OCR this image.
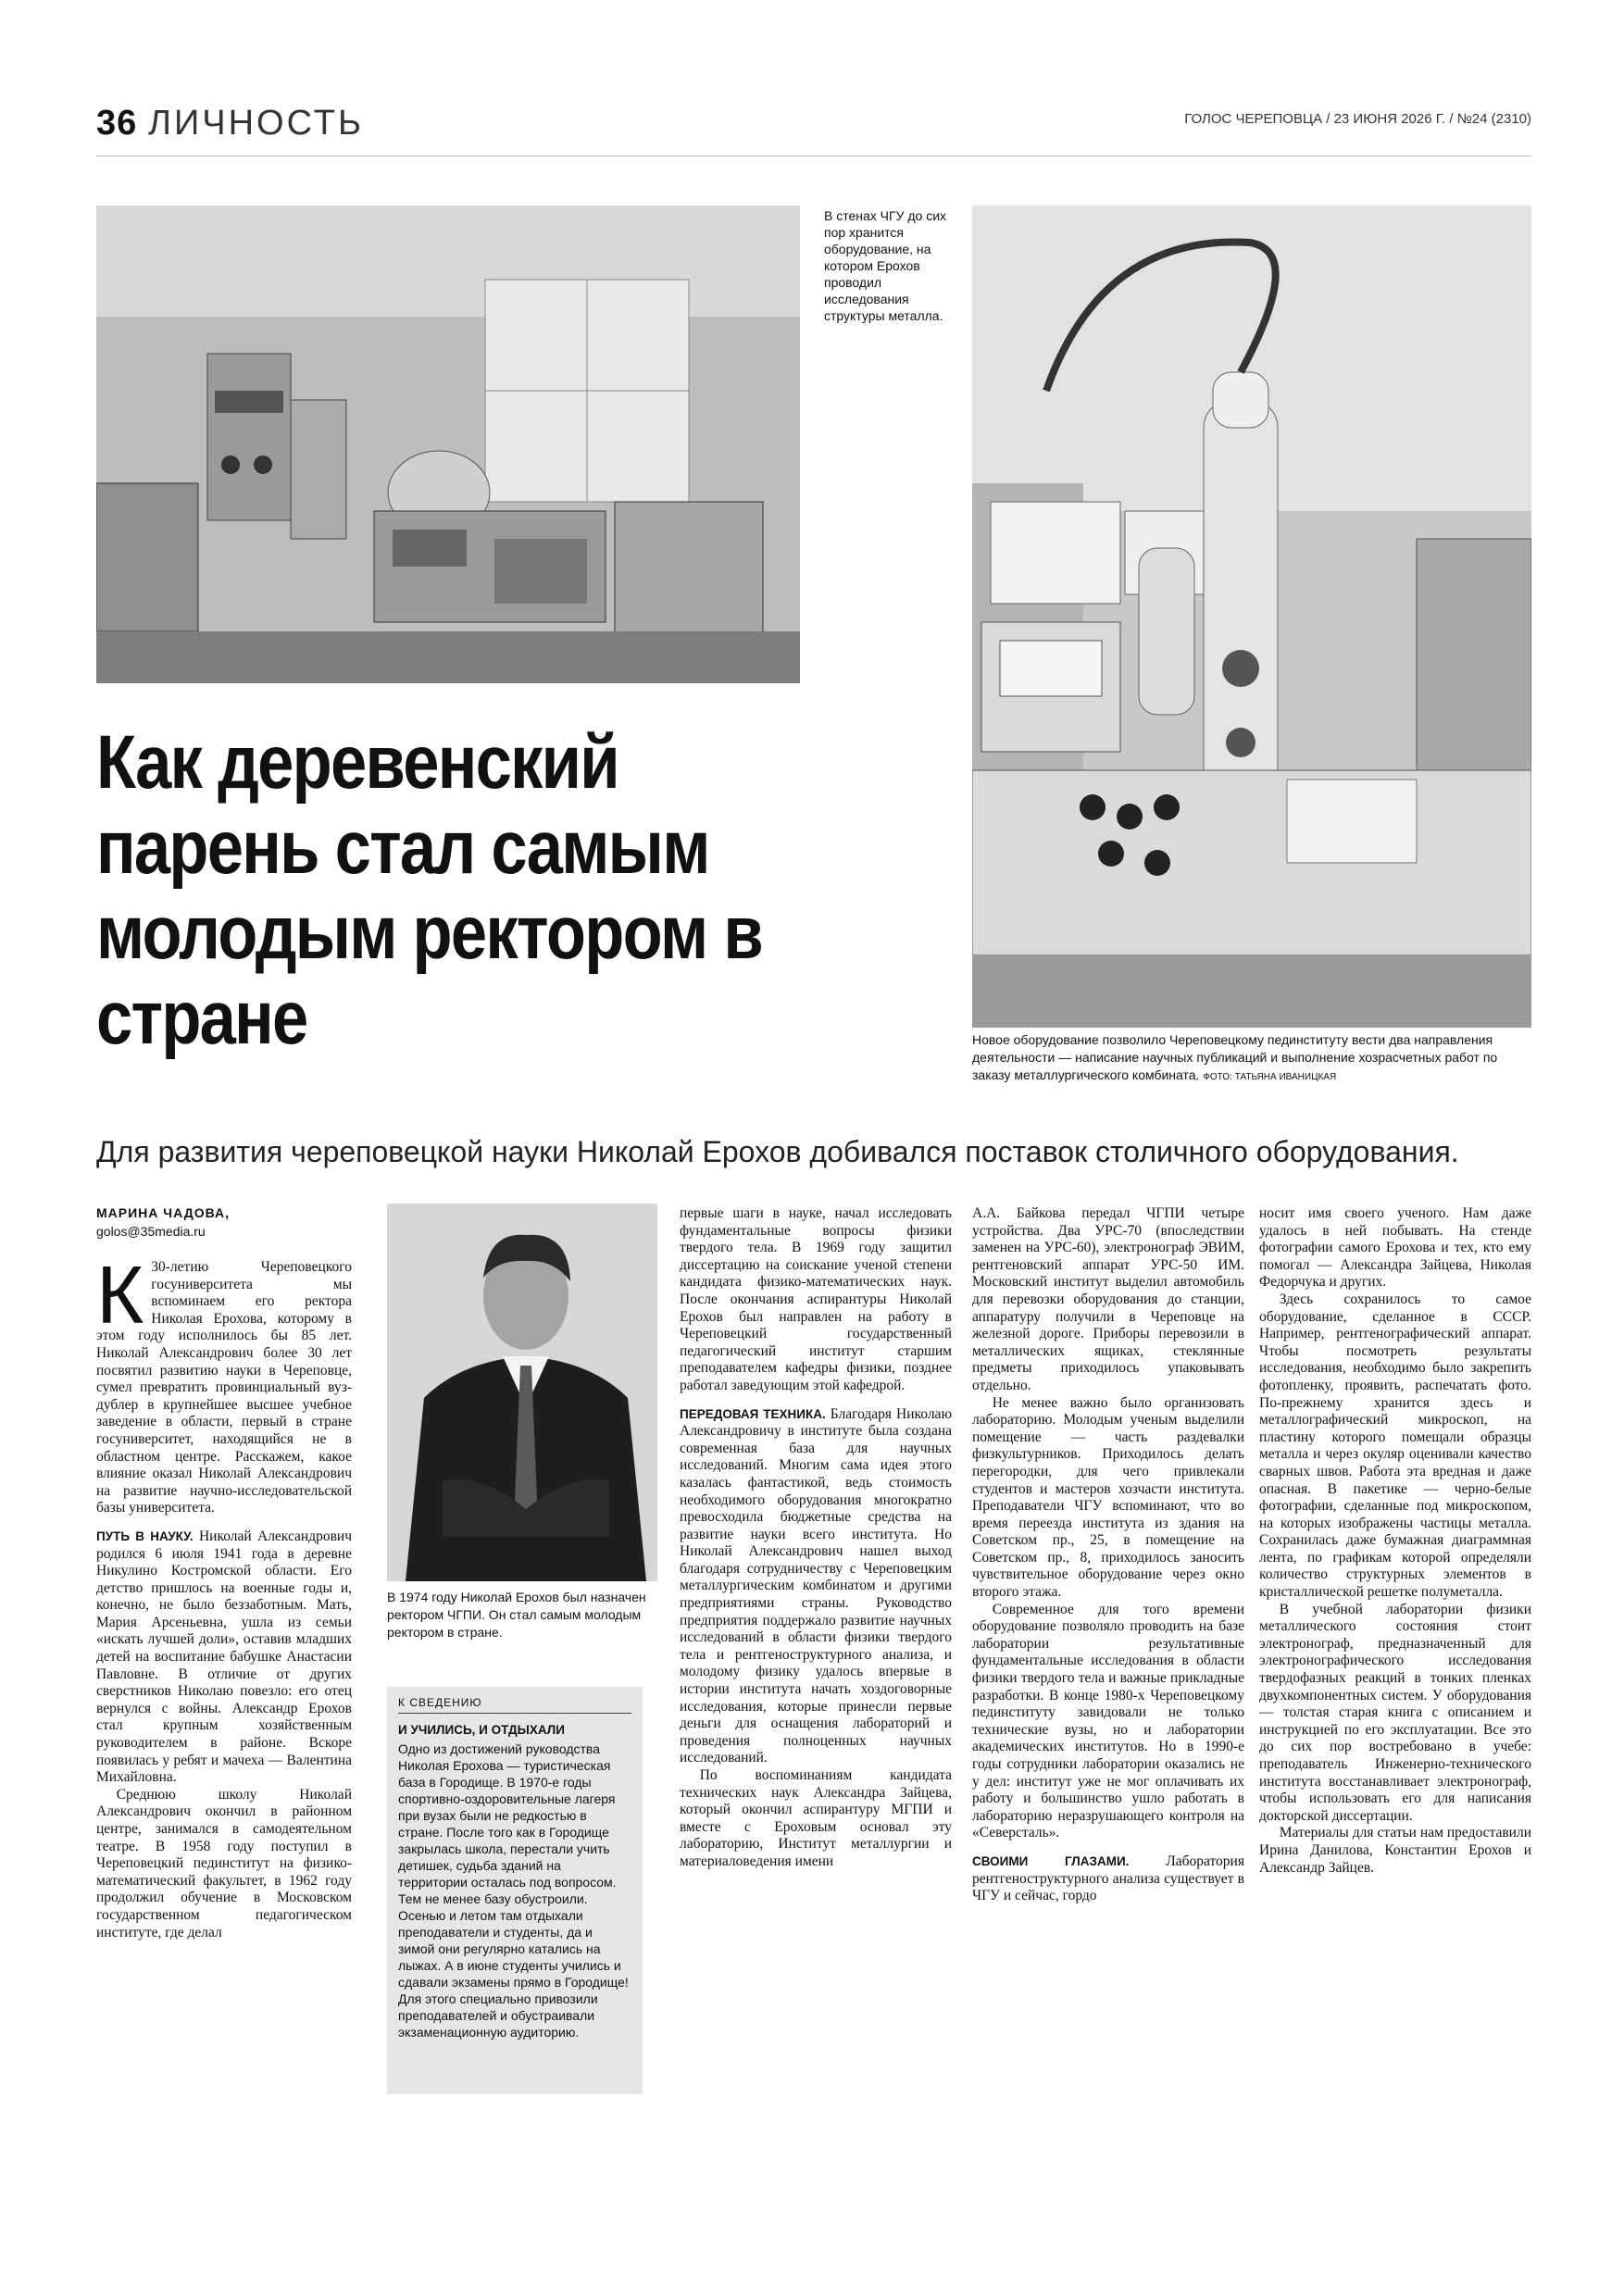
36 ЛИЧНОСТЬ	ГОЛОС ЧЕРЕПОВЦА / 23 ИЮНЯ 2026 Г. / №24 (2310)
В стенах ЧГУ до сих пор хранится оборудование, на котором Ерохов проводил исследования структуры металла.
Новое оборудование позволило Череповецкому пединституту вести два направления деятельности — написание научных публикаций и выполнение хозрасчетных работ по заказу металлургического комбината. ФОТО: ТАТЬЯНА ИВАНИЦКАЯ
Как деревенский парень стал самым молодым ректором в стране
Для развития череповецкой науки Николай Ерохов добивался поставок столичного оборудования.
МАРИНА ЧАДОВА,
golos@35media.ru

К 30-летию Череповецкого госуниверситета мы вспоминаем его ректора Николая Ерохова, которому в этом году исполнилось бы 85 лет. Николай Александрович более 30 лет посвятил развитию науки в Череповце, сумел превратить провинциальный вуз-дублер в крупнейшее высшее учебное заведение в области, первый в стране госуниверситет, находящийся не в областном центре. Расскажем, какое влияние оказал Николай Александрович на развитие научно-исследовательской базы университета.

ПУТЬ В НАУКУ. Николай Александрович родился 6 июля 1941 года в деревне Никулино Костромской области. Его детство пришлось на военные годы и, конечно, не было беззаботным. Мать, Мария Арсеньевна, ушла из семьи «искать лучшей доли», оставив младших детей на воспитание бабушке Анастасии Павловне. В отличие от других сверстников Николаю повезло: его отец вернулся с войны. Александр Ерохов стал крупным хозяйственным руководителем в районе. Вскоре появилась у ребят и мачеха — Валентина Михайловна.

Среднюю школу Николай Александрович окончил в районном центре, занимался в самодеятельном театре. В 1958 году поступил в Череповецкий пединститут на физико-математический факультет, в 1962 году продолжил обучение в Московском государственном педагогическом институте, где делал

В 1974 году Николай Ерохов был назначен ректором ЧГПИ. Он стал самым молодым ректором в стране.
К СВЕДЕНИЮ
И УЧИЛИСЬ, И ОТДЫХАЛИ
Одно из достижений руководства Николая Ерохова — туристическая база в Городище. В 1970-е годы спортивно-оздоровительные лагеря при вузах были не редкостью в стране. После того как в Городище закрылась школа, перестали учить детишек, судьба зданий на территории осталась под вопросом. Тем не менее базу обустроили. Осенью и летом там отдыхали преподаватели и студенты, да и зимой они регулярно катались на лыжах. А в июне студенты учились и сдавали экзамены прямо в Городище! Для этого специально привозили преподавателей и обустраивали экзаменационную аудиторию.

первые шаги в науке, начал исследовать фундаментальные вопросы физики твердого тела. В 1969 году защитил диссертацию на соискание ученой степени кандидата физико-математических наук. После окончания аспирантуры Николай Ерохов был направлен на работу в Череповецкий государственный педагогический институт старшим преподавателем кафедры физики, позднее работал заведующим этой кафедрой.

ПЕРЕДОВАЯ ТЕХНИКА. Благодаря Николаю Александровичу в институте была создана современная база для научных исследований. Многим сама идея этого казалась фантастикой, ведь стоимость необходимого оборудования многократно превосходила бюджетные средства на развитие науки всего института. Но Николай Александрович нашел выход благодаря сотрудничеству с Череповецким металлургическим комбинатом и другими предприятиями страны. Руководство предприятия поддержало развитие научных исследований в области физики твердого тела и рентгеноструктурного анализа, и молодому физику удалось впервые в истории института начать хоздоговорные исследования, которые принесли первые деньги для оснащения лабораторий и проведения полноценных научных исследований.

По воспоминаниям кандидата технических наук Александра Зайцева, который окончил аспирантуру МГПИ и вместе с Ероховым основал эту лабораторию, Институт металлургии и материаловедения имени

А.А. Байкова передал ЧГПИ четыре устройства. Два УРС-70 (впоследствии заменен на УРС-60), электронограф ЭВИМ, рентгеновский аппарат УРС-50 ИМ. Московский институт выделил автомобиль для перевозки оборудования до станции, аппаратуру получили в Череповце на железной дороге. Приборы перевозили в металлических ящиках, стеклянные предметы приходилось упаковывать отдельно.

Не менее важно было организовать лабораторию. Молодым ученым выделили помещение — часть раздевалки физкультурников. Приходилось делать перегородки, для чего привлекали студентов и мастеров хозчасти института. Преподаватели ЧГУ вспоминают, что во время переезда института из здания на Советском пр., 25, в помещение на Советском пр., 8, приходилось заносить чувствительное оборудование через окно второго этажа.

Современное для того времени оборудование позволяло проводить на базе лаборатории результативные фундаментальные исследования в области физики твердого тела и важные прикладные разработки. В конце 1980-х Череповецкому пединституту завидовали не только технические вузы, но и лаборатории академических институтов. Но в 1990-е годы сотрудники лаборатории оказались не у дел: институт уже не мог оплачивать их работу и большинство ушло работать в лабораторию неразрушающего контроля на «Северсталь».

СВОИМИ ГЛАЗАМИ.	Лаборатория рентгеноструктурного анализа существует в ЧГУ и сейчас, гордо

носит имя своего ученого. Нам даже удалось в ней побывать. На стенде фотографии самого Ерохова и тех, кто ему помогал — Александра Зайцева, Николая Федорчука и других.

Здесь сохранилось то самое оборудование, сделанное в СССР. Например, рентгенографический аппарат. Чтобы посмотреть результаты исследования, необходимо было закрепить фотопленку, проявить, распечатать фото. По-прежнему хранится здесь и металлографический микроскоп, на пластину которого помещали образцы металла и через окуляр оценивали качество сварных швов. Работа эта вредная и даже опасная. В пакетике — черно-белые фотографии, сделанные под микроскопом, на которых изображены частицы металла. Сохранилась даже бумажная диаграммная лента, по графикам которой определяли количество структурных элементов в кристаллической решетке полуметалла.

В учебной лаборатории физики металлического состояния стоит электронограф, предназначенный для электронографического исследования твердофазных реакций в тонких пленках двухкомпонентных систем. У оборудования — толстая старая книга с описанием и инструкцией по его эксплуатации. Все это до сих пор востребовано в учебе: преподаватель Инженерно-технического института восстанавливает электронограф, чтобы использовать его для написания докторской диссертации.

Материалы для статьи нам предоставили Ирина Данилова, Константин Ерохов и Александр Зайцев.
